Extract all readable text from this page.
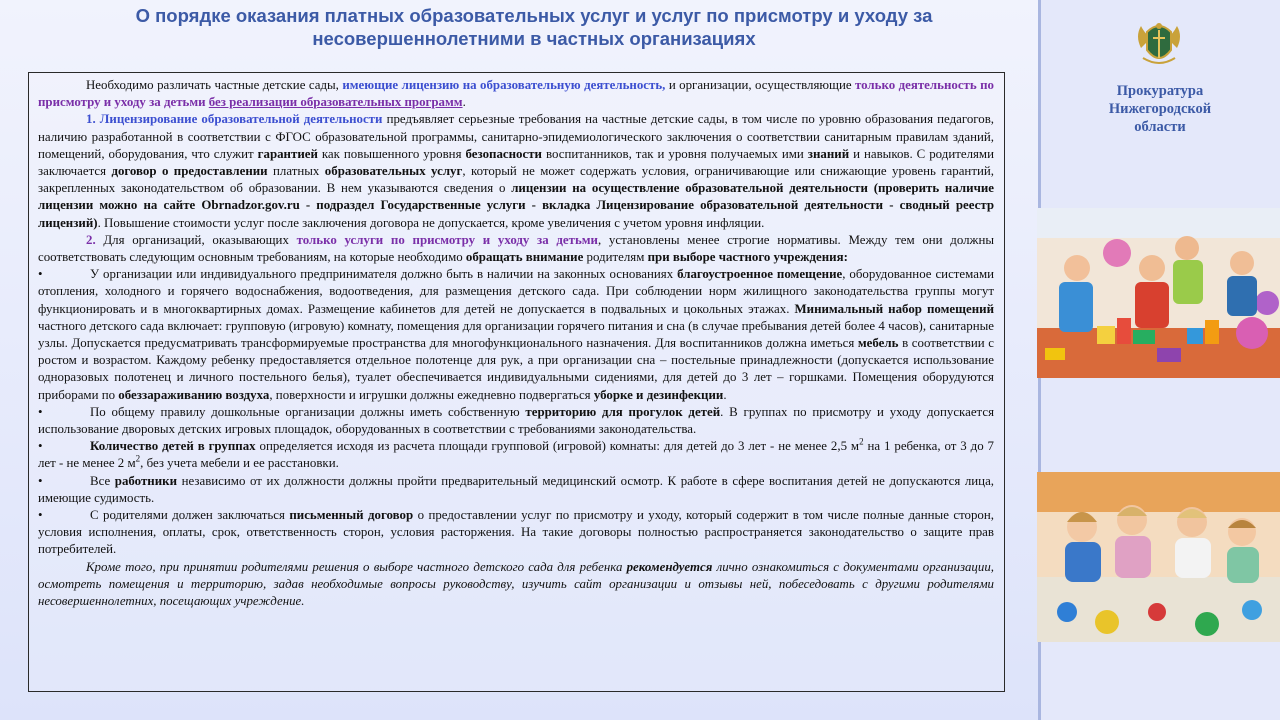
О порядке оказания платных образовательных услуг и услуг по присмотру и уходу за
несовершеннолетними в частных организациях

Необходимо различать частные детские сады, имеющие лицензию на образовательную деятельность, и организации, осуществляющие только деятельность по присмотру и уходу за детьми без реализации образовательных программ.

1. Лицензирование образовательной деятельности предъявляет серьезные требования на частные детские сады, в том числе по уровню образования педагогов, наличию разработанной в соответствии с ФГОС образовательной программы, санитарно-эпидемиологического заключения о соответствии санитарным правилам зданий, помещений, оборудования, что служит гарантией как повышенного уровня безопасности воспитанников, так и уровня получаемых ими знаний и навыков. С родителями заключается договор о предоставлении платных образовательных услуг, который не может содержать условия, ограничивающие или снижающие уровень гарантий, закрепленных законодательством об образовании. В нем указываются сведения о лицензии на осуществление образовательной деятельности (проверить наличие лицензии можно на сайте Obrnadzor.gov.ru - подраздел Государственные услуги - вкладка Лицензирование образовательной деятельности - сводный реестр лицензий). Повышение стоимости услуг после заключения договора не допускается, кроме увеличения с учетом уровня инфляции.

2. Для организаций, оказывающих только услуги по присмотру и уходу за детьми, установлены менее строгие нормативы. Между тем они должны соответствовать следующим основным требованиям, на которые необходимо обращать внимание родителям при выборе частного учреждения:

•	У организации или индивидуального предпринимателя должно быть в наличии на законных основаниях благоустроенное помещение, оборудованное системами отопления, холодного и горячего водоснабжения, водоотведения, для размещения детского сада. При соблюдении норм жилищного законодательства группы могут функционировать и в многоквартирных домах. Размещение кабинетов для детей не допускается в подвальных и цокольных этажах. Минимальный набор помещений частного детского сада включает: групповую (игровую) комнату, помещения для организации горячего питания и сна (в случае пребывания детей более 4 часов), санитарные узлы. Допускается предусматривать трансформируемые пространства для многофункционального назначения. Для воспитанников должна иметься мебель в соответствии с ростом и возрастом. Каждому ребенку предоставляется отдельное полотенце для рук, а при организации сна – постельные принадлежности (допускается использование одноразовых полотенец и личного постельного белья), туалет обеспечивается индивидуальными сидениями, для детей до 3 лет – горшками. Помещения оборудуются приборами по обеззараживанию воздуха, поверхности и игрушки должны ежедневно подвергаться уборке и дезинфекции.

•	По общему правилу дошкольные организации должны иметь собственную территорию для прогулок детей. В группах по присмотру и уходу допускается использование дворовых детских игровых площадок, оборудованных в соответствии с требованиями законодательства.

•	Количество детей в группах определяется исходя из расчета площади групповой (игровой) комнаты: для детей до 3 лет - не менее 2,5 $м^2$ на 1 ребенка, от 3 до 7 лет - не менее 2 $м^2$, без учета мебели и ее расстановки.

•	Все работники независимо от их должности должны пройти предварительный медицинский осмотр. К работе в сфере воспитания детей не допускаются лица, имеющие судимость.

•	С родителями должен заключаться письменный договор о предоставлении услуг по присмотру и уходу, который содержит в том числе полные данные сторон, условия исполнения, оплаты, срок, ответственность сторон, условия расторжения. На такие договоры полностью распространяется законодательство о защите прав потребителей.

Кроме того, при принятии родителями решения о выборе частного детского сада для ребенка рекомендуется лично ознакомиться с документами организации, осмотреть помещения и территорию, задав необходимые вопросы руководству, изучить сайт организации и отзывы ней, побеседовать с другими родителями несовершеннолетних, посещающих учреждение.

Прокуратура
Нижегородской
области
